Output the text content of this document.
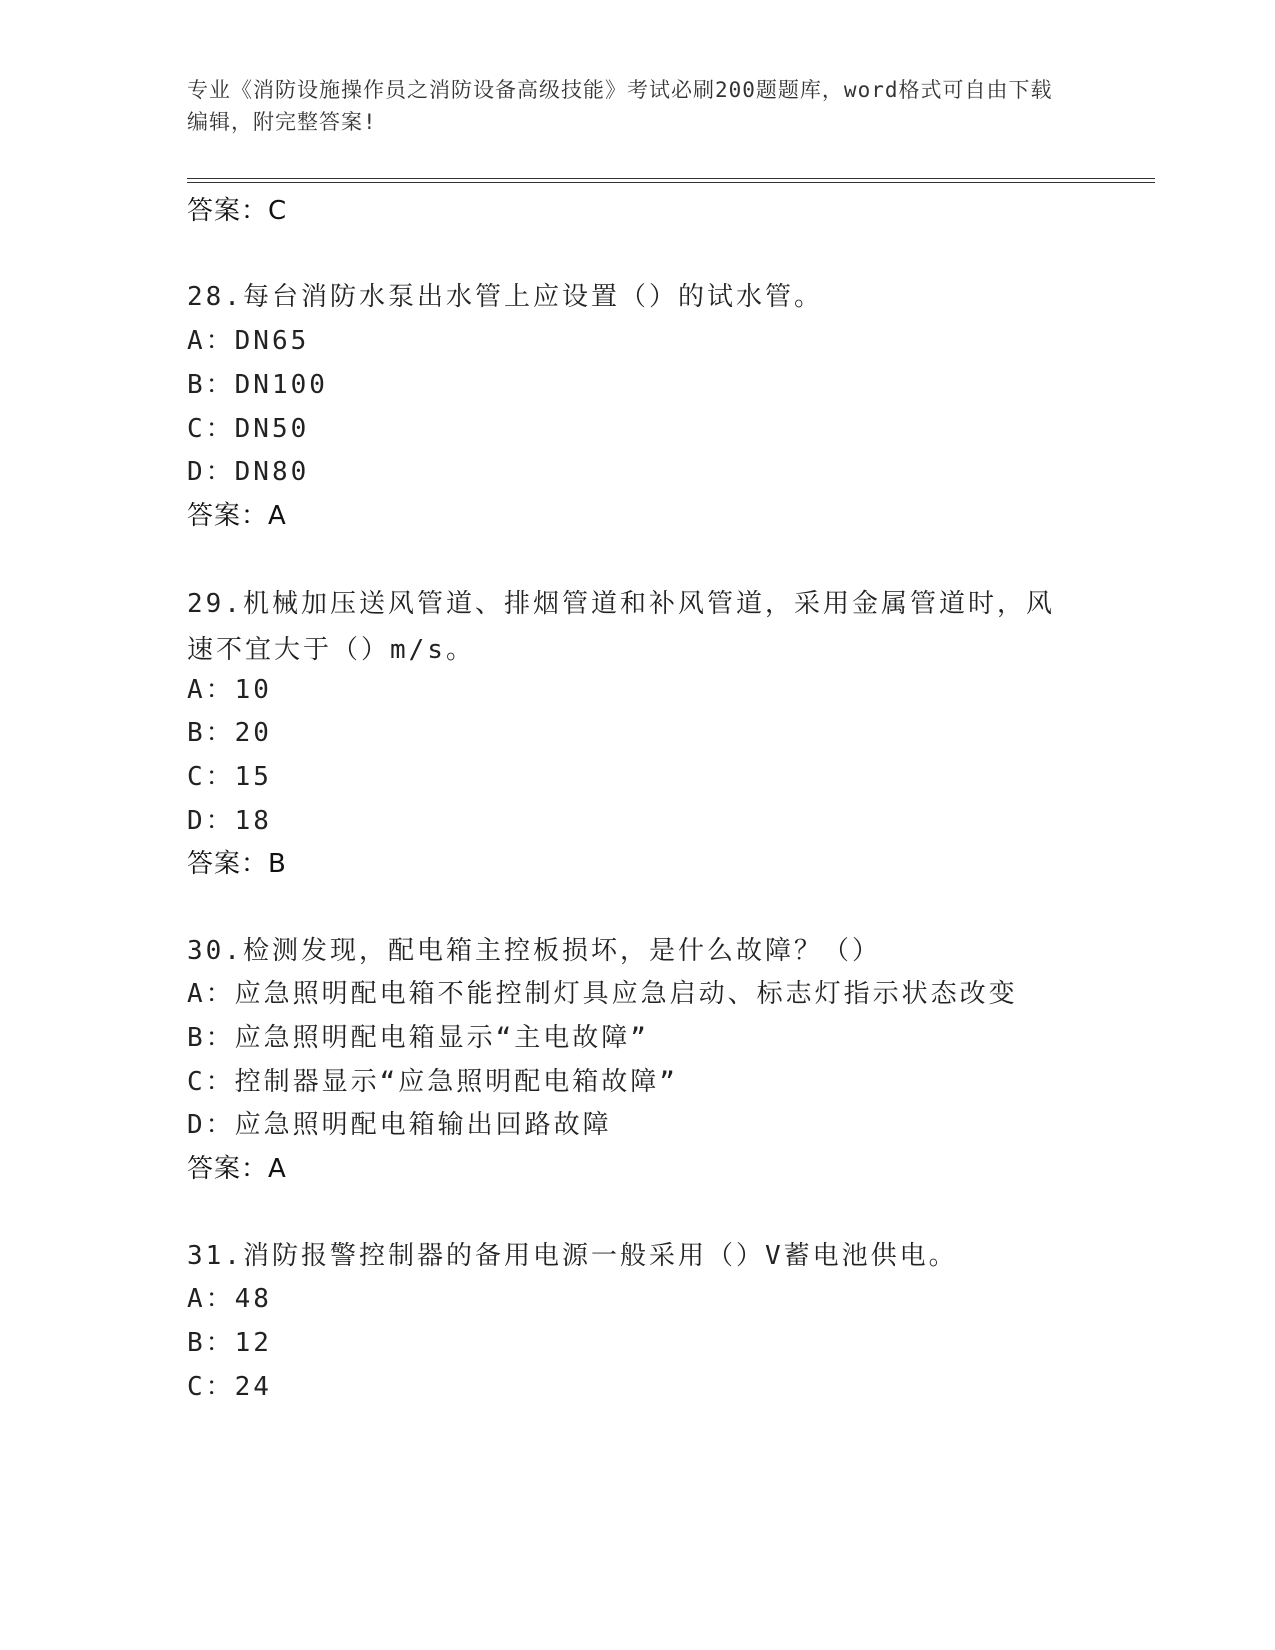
专业《消防设施操作员之消防设备高级技能》考试必刷200题题库，word格式可自由下载编辑，附完整答案!
答案：C
28.每台消防水泵出水管上应设置（）的试水管。
A：DN65
B：DN100
C：DN50
D：DN80
答案：A
29.机械加压送风管道、排烟管道和补风管道，采用金属管道时，风速不宜大于（）m/s。
A：10
B：20
C：15
D：18
答案：B
30.检测发现，配电箱主控板损坏，是什么故障？（）
A：应急照明配电箱不能控制灯具应急启动、标志灯指示状态改变
B：应急照明配电箱显示“主电故障”
C：控制器显示“应急照明配电箱故障”
D：应急照明配电箱输出回路故障
答案：A
31.消防报警控制器的备用电源一般采用（）V蓄电池供电。
A：48
B：12
C：24
